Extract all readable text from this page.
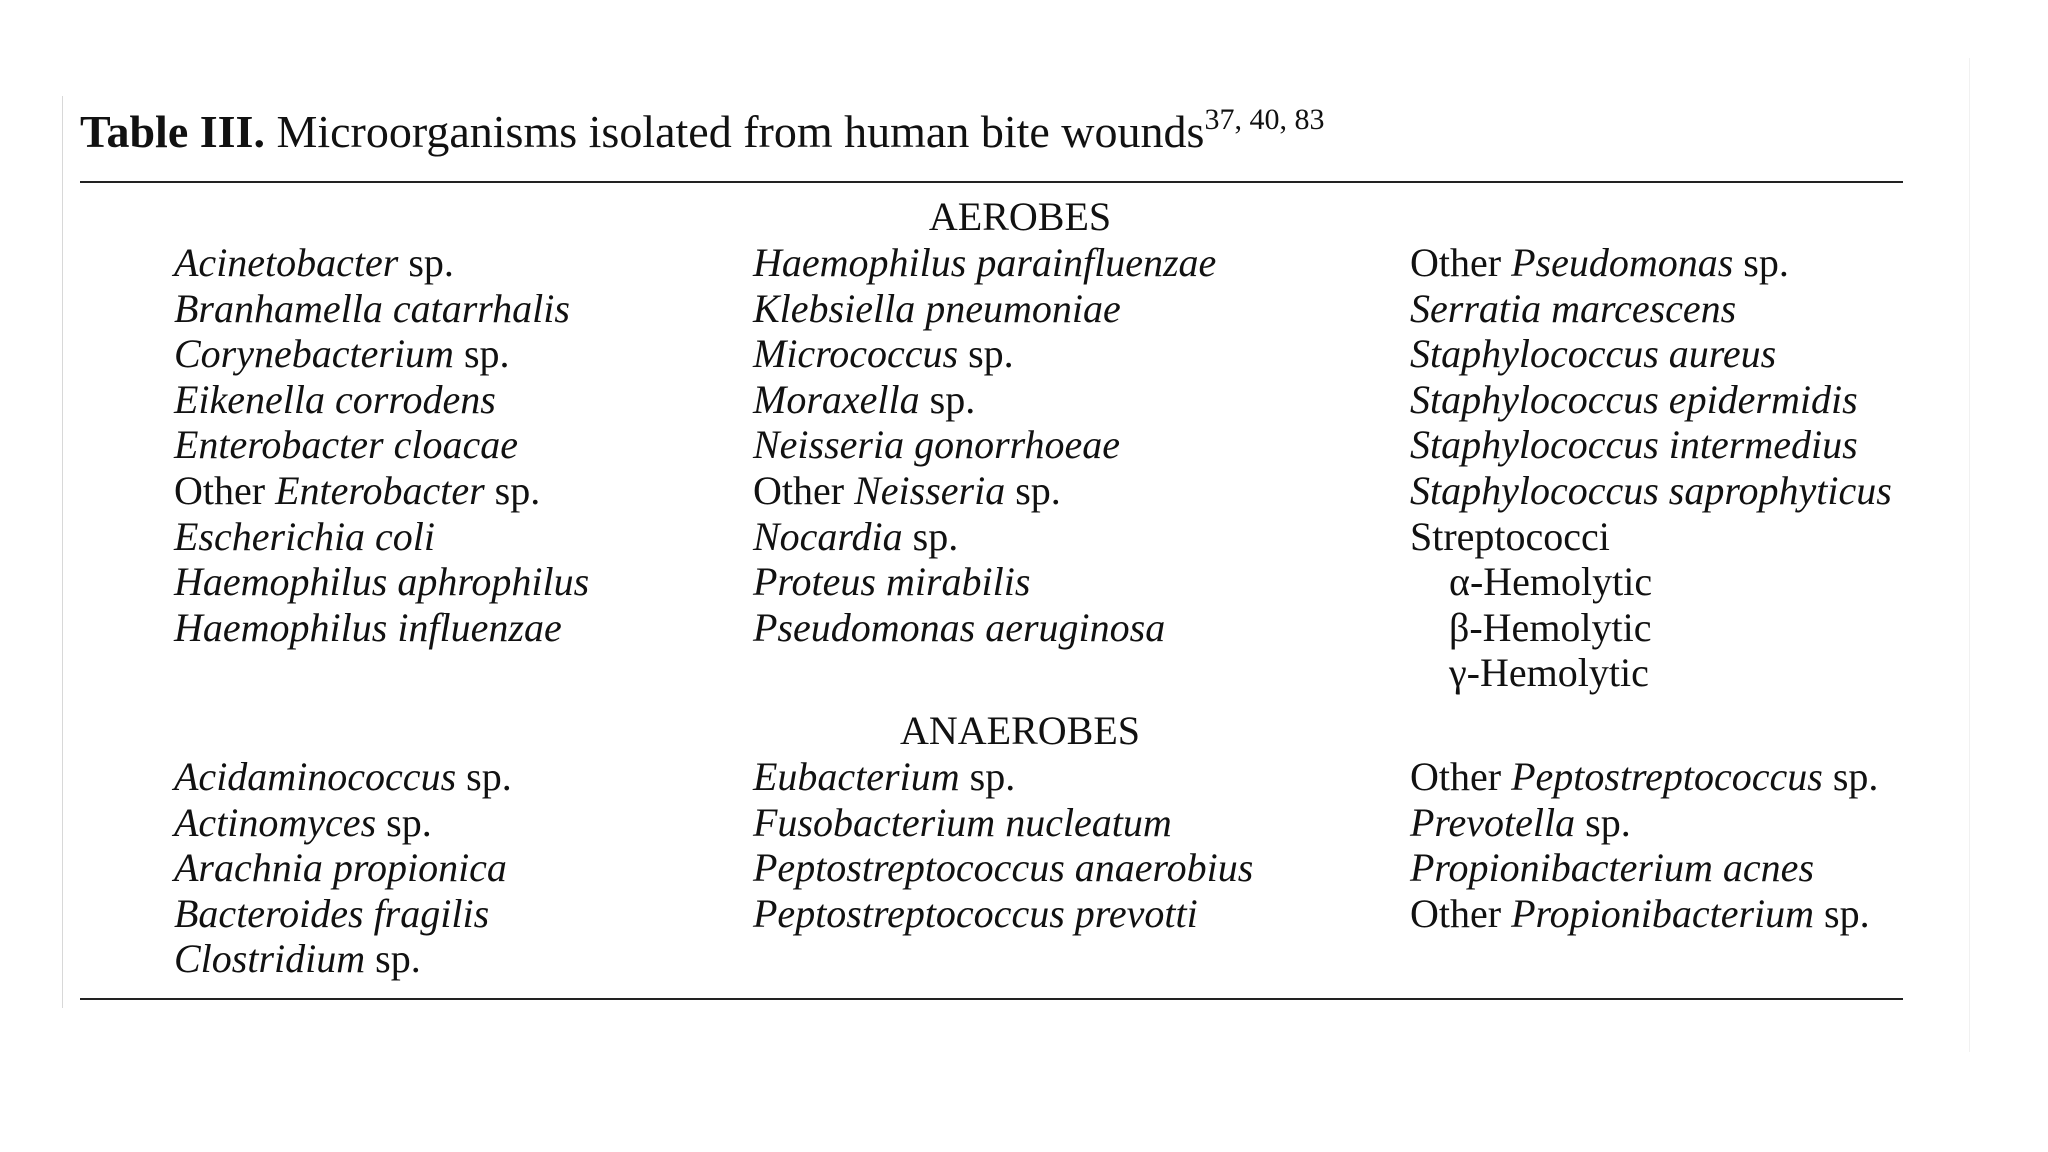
Table III. Microorganisms isolated from human bite wounds$^{37, 40, 83}$
AEROBES
Acinetobacter sp.
Branhamella catarrhalis
Corynebacterium sp.
Eikenella corrodens
Enterobacter cloacae
Other Enterobacter sp.
Escherichia coli
Haemophilus aphrophilus
Haemophilus influenzae
Haemophilus parainfluenzae
Klebsiella pneumoniae
Micrococcus sp.
Moraxella sp.
Neisseria gonorrhoeae
Other Neisseria sp.
Nocardia sp.
Proteus mirabilis
Pseudomonas aeruginosa
Other Pseudomonas sp.
Serratia marcescens
Staphylococcus aureus
Staphylococcus epidermidis
Staphylococcus intermedius
Staphylococcus saprophyticus
Streptococci
α-Hemolytic
β-Hemolytic
γ-Hemolytic
ANAEROBES
Acidaminococcus sp.
Actinomyces sp.
Arachnia propionica
Bacteroides fragilis
Clostridium sp.
Eubacterium sp.
Fusobacterium nucleatum
Peptostreptococcus anaerobius
Peptostreptococcus prevotti
Other Peptostreptococcus sp.
Prevotella sp.
Propionibacterium acnes
Other Propionibacterium sp.
